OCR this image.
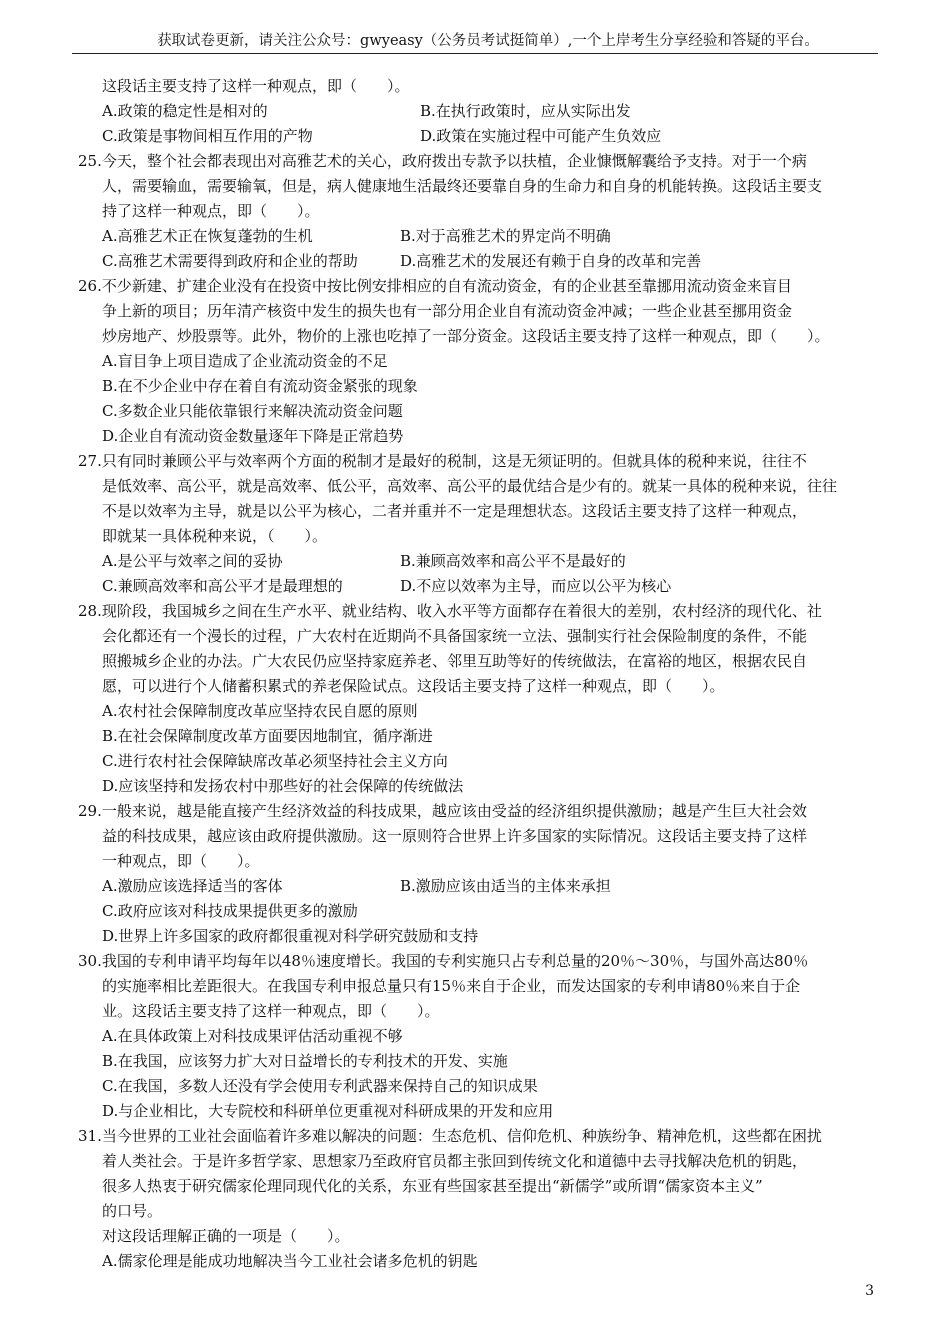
获取试卷更新，请关注公众号：gwyeasy（公务员考试挺简单）,一个上岸考生分享经验和答疑的平台。
这段话主要支持了这样一种观点，即（　　）。
A.政策的稳定性是相对的	B.在执行政策时，应从实际出发
C.政策是事物间相互作用的产物	D.政策在实施过程中可能产生负效应
25.今天，整个社会都表现出对高雅艺术的关心，政府拨出专款予以扶植，企业慷慨解囊给予支持。对于一个病
人，需要输血，需要输氧，但是，病人健康地生活最终还要靠自身的生命力和自身的机能转换。这段话主要支
持了这样一种观点，即（　　）。
A.高雅艺术正在恢复蓬勃的生机	B.对于高雅艺术的界定尚不明确
C.高雅艺术需要得到政府和企业的帮助	D.高雅艺术的发展还有赖于自身的改革和完善
26.不少新建、扩建企业没有在投资中按比例安排相应的自有流动资金，有的企业甚至靠挪用流动资金来盲目
争上新的项目；历年清产核资中发生的损失也有一部分用企业自有流动资金冲减；一些企业甚至挪用资金
炒房地产、炒股票等。此外，物价的上涨也吃掉了一部分资金。这段话主要支持了这样一种观点，即（　　）。
A.盲目争上项目造成了企业流动资金的不足
B.在不少企业中存在着自有流动资金紧张的现象
C.多数企业只能依靠银行来解决流动资金问题
D.企业自有流动资金数量逐年下降是正常趋势
27.只有同时兼顾公平与效率两个方面的税制才是最好的税制，这是无须证明的。但就具体的税种来说，往往不
是低效率、高公平，就是高效率、低公平，高效率、高公平的最优结合是少有的。就某一具体的税种来说，往往
不是以效率为主导，就是以公平为核心，二者并重并不一定是理想状态。这段话主要支持了这样一种观点，
即就某一具体税种来说，（　　）。
A.是公平与效率之间的妥协	B.兼顾高效率和高公平不是最好的
C.兼顾高效率和高公平才是最理想的	D.不应以效率为主导，而应以公平为核心
28.现阶段，我国城乡之间在生产水平、就业结构、收入水平等方面都存在着很大的差别，农村经济的现代化、社
会化都还有一个漫长的过程，广大农村在近期尚不具备国家统一立法、强制实行社会保险制度的条件，不能
照搬城乡企业的办法。广大农民仍应坚持家庭养老、邻里互助等好的传统做法，在富裕的地区，根据农民自
愿，可以进行个人储蓄积累式的养老保险试点。这段话主要支持了这样一种观点，即（　　）。
A.农村社会保障制度改革应坚持农民自愿的原则
B.在社会保障制度改革方面要因地制宜，循序渐进
C.进行农村社会保障缺席改革必须坚持社会主义方向
D.应该坚持和发扬农村中那些好的社会保障的传统做法
29.一般来说，越是能直接产生经济效益的科技成果，越应该由受益的经济组织提供激励；越是产生巨大社会效
益的科技成果，越应该由政府提供激励。这一原则符合世界上许多国家的实际情况。这段话主要支持了这样
一种观点，即（　　）。
A.激励应该选择适当的客体	B.激励应该由适当的主体来承担
C.政府应该对科技成果提供更多的激励
D.世界上许多国家的政府都很重视对科学研究鼓励和支持
30.我国的专利申请平均每年以48％速度增长。我国的专利实施只占专利总量的20％～30％，与国外高达80％
的实施率相比差距很大。在我国专利申报总量只有15％来自于企业，而发达国家的专利申请80％来自于企
业。这段话主要支持了这样一种观点，即（　　）。
A.在具体政策上对科技成果评估活动重视不够
B.在我国，应该努力扩大对日益增长的专利技术的开发、实施
C.在我国，多数人还没有学会使用专利武器来保持自己的知识成果
D.与企业相比，大专院校和科研单位更重视对科研成果的开发和应用
31.当今世界的工业社会面临着许多难以解决的问题：生态危机、信仰危机、种族纷争、精神危机，这些都在困扰
着人类社会。于是许多哲学家、思想家乃至政府官员都主张回到传统文化和道德中去寻找解决危机的钥匙，
很多人热衷于研究儒家伦理同现代化的关系，东亚有些国家甚至提出“新儒学”或所谓“儒家资本主义”
的口号。
对这段话理解正确的一项是（　　）。
A.儒家伦理是能成功地解决当今工业社会诸多危机的钥匙
3
